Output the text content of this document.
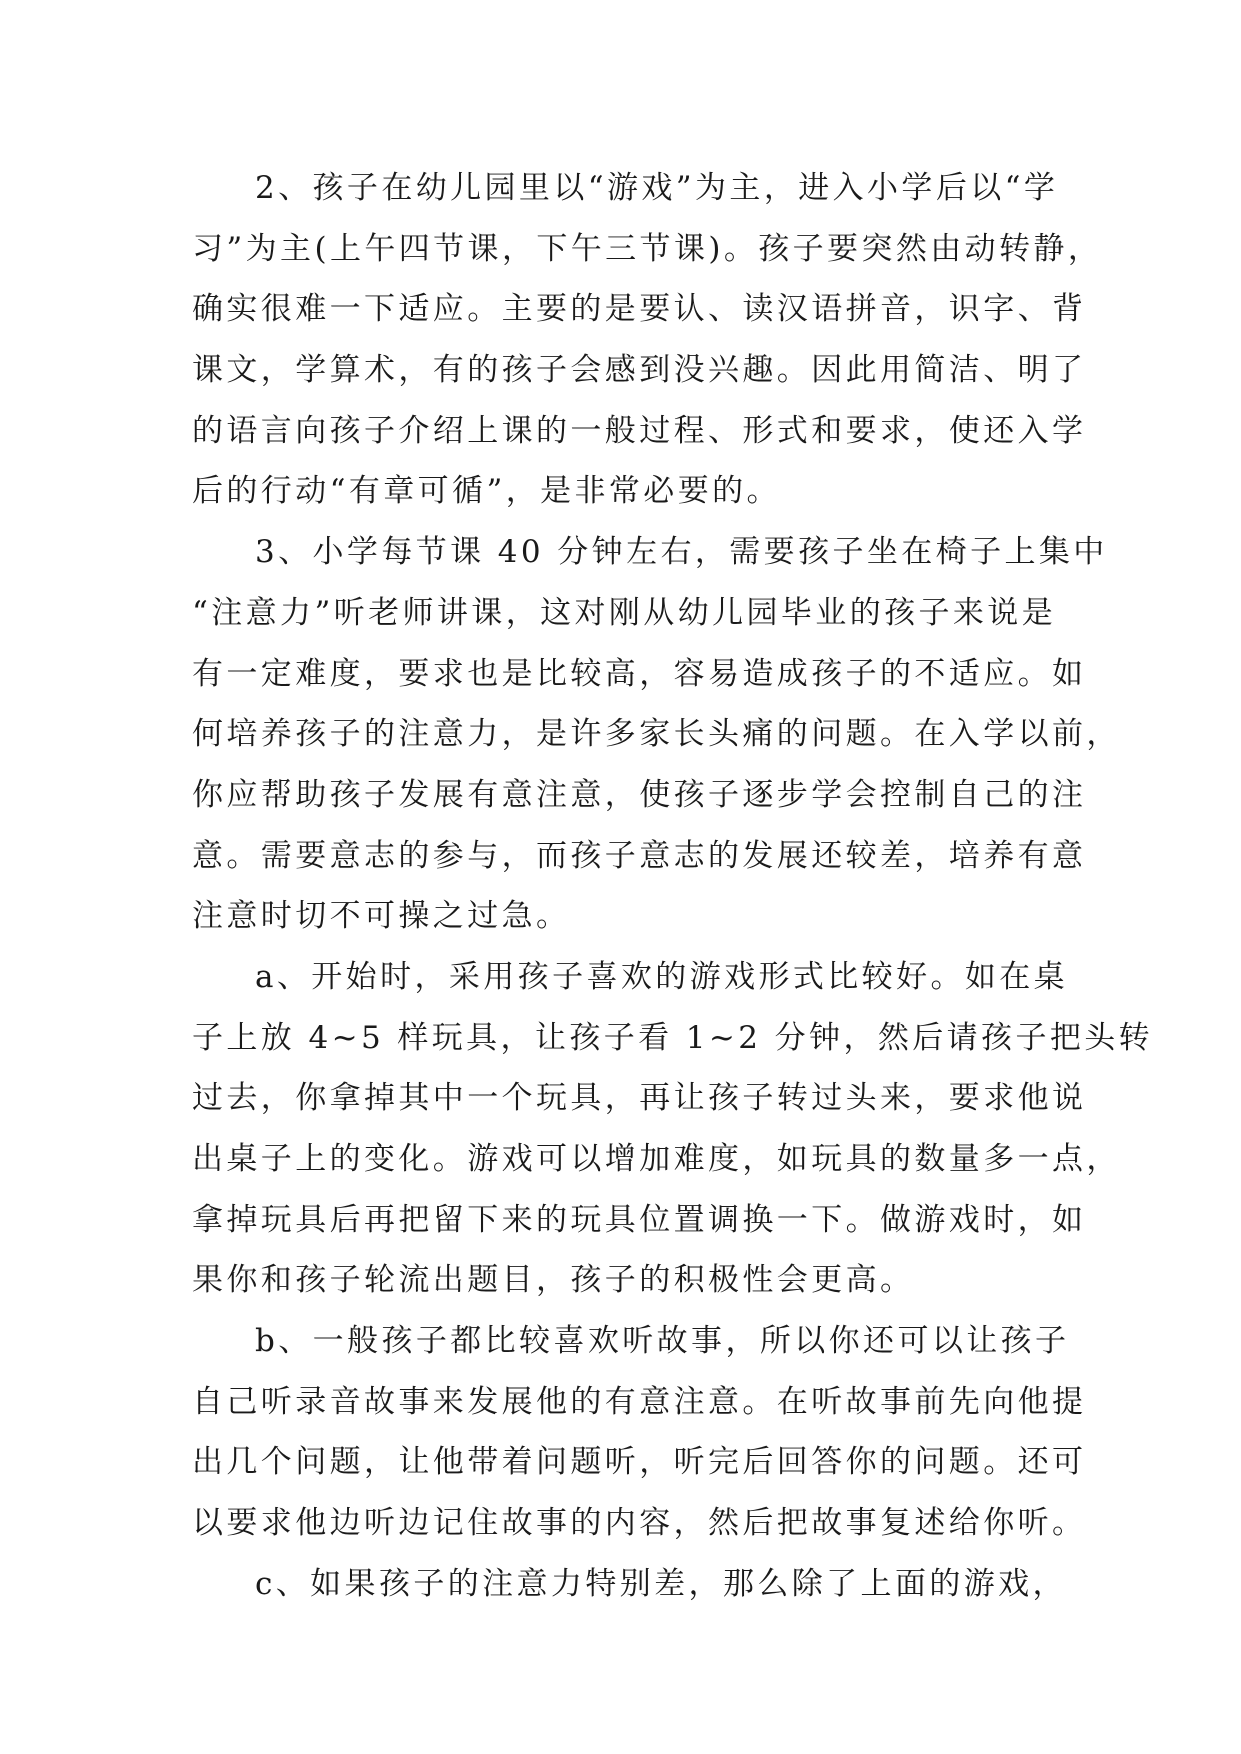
2、孩子在幼儿园里以“游戏”为主，进入小学后以“学
习”为主(上午四节课，下午三节课)。孩子要突然由动转静，
确实很难一下适应。主要的是要认、读汉语拼音，识字、背
课文，学算术，有的孩子会感到没兴趣。因此用简洁、明了
的语言向孩子介绍上课的一般过程、形式和要求，使还入学
后的行动“有章可循”，是非常必要的。
3、小学每节课 40 分钟左右，需要孩子坐在椅子上集中
“注意力”听老师讲课，这对刚从幼儿园毕业的孩子来说是
有一定难度，要求也是比较高，容易造成孩子的不适应。如
何培养孩子的注意力，是许多家长头痛的问题。在入学以前，
你应帮助孩子发展有意注意，使孩子逐步学会控制自己的注
意。需要意志的参与，而孩子意志的发展还较差，培养有意
注意时切不可操之过急。
a、开始时，采用孩子喜欢的游戏形式比较好。如在桌
子上放 4~5 样玩具，让孩子看 1~2 分钟，然后请孩子把头转
过去，你拿掉其中一个玩具，再让孩子转过头来，要求他说
出桌子上的变化。游戏可以增加难度，如玩具的数量多一点，
拿掉玩具后再把留下来的玩具位置调换一下。做游戏时，如
果你和孩子轮流出题目，孩子的积极性会更高。
b、一般孩子都比较喜欢听故事，所以你还可以让孩子
自己听录音故事来发展他的有意注意。在听故事前先向他提
出几个问题，让他带着问题听，听完后回答你的问题。还可
以要求他边听边记住故事的内容，然后把故事复述给你听。
c、如果孩子的注意力特别差，那么除了上面的游戏，
